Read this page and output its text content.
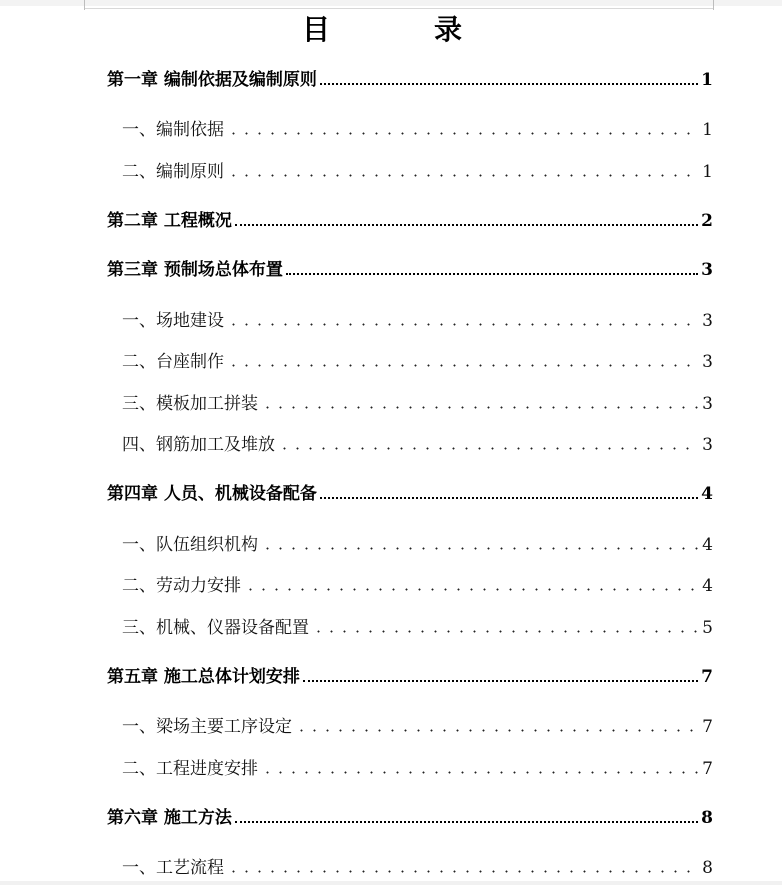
目　录
第一章 编制依据及编制原则	1
一、编制依据	1
二、编制原则	1
第二章 工程概况	2
第三章 预制场总体布置	3
一、场地建设	3
二、台座制作	3
三、模板加工拼装	3
四、钢筋加工及堆放	3
第四章 人员、机械设备配备	4
一、队伍组织机构	4
二、劳动力安排	4
三、机械、仪器设备配置	5
第五章 施工总体计划安排	7
一、梁场主要工序设定	7
二、工程进度安排	7
第六章 施工方法	8
一、工艺流程	8
